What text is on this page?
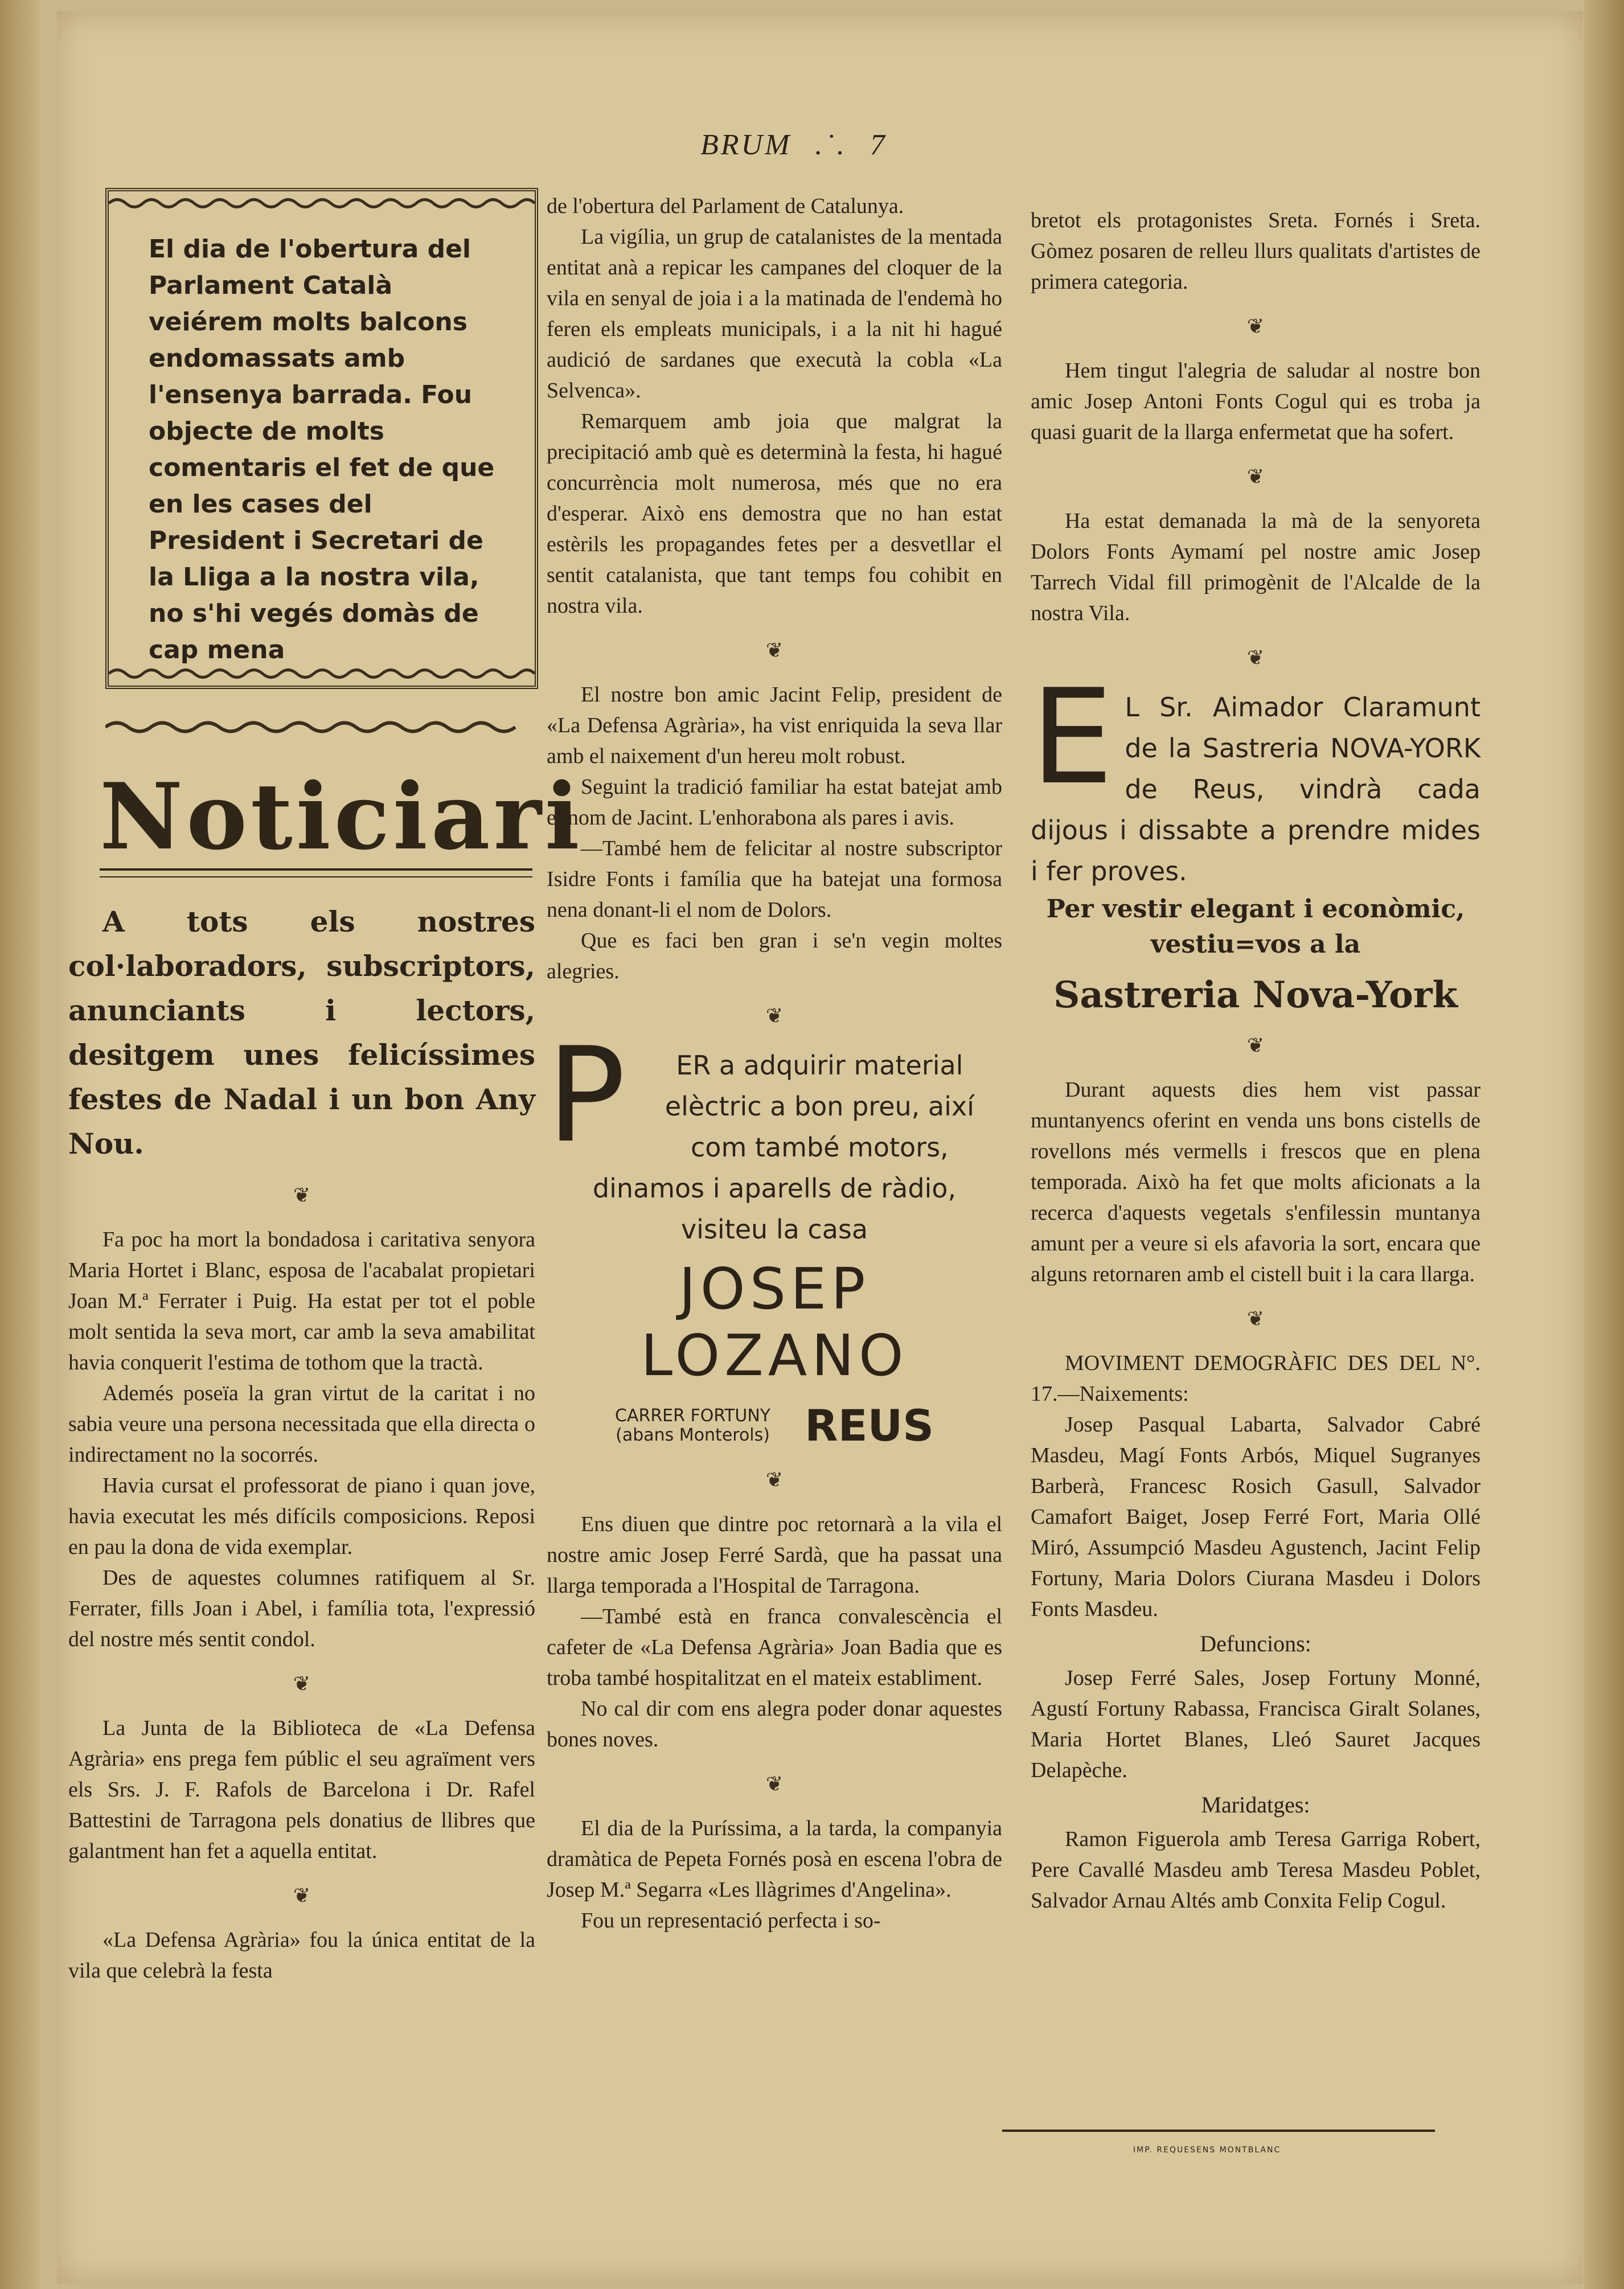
BRUM .˙. 7

El dia de l'obertura del Parlament Català veiérem molts balcons endomassats amb l'ensenya barrada. Fou objecte de molts comentaris el fet de que en les cases del President i Secretari de la Lliga a la nostra vila, no s'hi vegés domàs de cap mena

Noticiari

A tots els nostres col·laboradors, subscriptors, anunciants i lectors, desitgem unes felicíssimes festes de Nadal i un bon Any Nou.

❦

Fa poc ha mort la bondadosa i caritativa senyora Maria Hortet i Blanc, esposa de l'acabalat propietari Joan M.ª Ferrater i Puig. Ha estat per tot el poble molt sentida la seva mort, car amb la seva amabilitat havia conquerit l'estima de tothom que la tractà.

Ademés poseïa la gran virtut de la caritat i no sabia veure una persona necessitada que ella directa o indirectament no la socorrés.

Havia cursat el professorat de piano i quan jove, havia executat les més difícils composicions. Reposi en pau la dona de vida exemplar.

Des de aquestes columnes ratifiquem al Sr. Ferrater, fills Joan i Abel, i família tota, l'expressió del nostre més sentit condol.

❦

La Junta de la Biblioteca de «La Defensa Agrària» ens prega fem públic el seu agraïment vers els Srs. J. F. Rafols de Barcelona i Dr. Rafel Battestini de Tarragona pels donatius de llibres que galantment han fet a aquella entitat.

❦

«La Defensa Agrària» fou la única entitat de la vila que celebrà la festa

de l'obertura del Parlament de Catalunya.

La vigília, un grup de catalanistes de la mentada entitat anà a repicar les campanes del cloquer de la vila en senyal de joia i a la matinada de l'endemà ho feren els empleats municipals, i a la nit hi hagué audició de sardanes que executà la cobla «La Selvenca».

Remarquem amb joia que malgrat la precipitació amb què es determinà la festa, hi hagué concurrència molt numerosa, més que no era d'esperar. Això ens demostra que no han estat estèrils les propagandes fetes per a desvetllar el sentit catalanista, que tant temps fou cohibit en nostra vila.

❦

El nostre bon amic Jacint Felip, president de «La Defensa Agrària», ha vist enriquida la seva llar amb el naixement d'un hereu molt robust.

Seguint la tradició familiar ha estat batejat amb el nom de Jacint. L'enhorabona als pares i avis.

—També hem de felicitar al nostre subscriptor Isidre Fonts i família que ha batejat una formosa nena donant-li el nom de Dolors.

Que es faci ben gran i se'n vegin moltes alegries.

❦
P	ER a adquirir material elèctric a bon preu, així com també motors, dinamos i aparells de ràdio, visiteu la casa

JOSEP LOZANO
CARRER FORTUNY
(abans Monterols) REUS
❦

Ens diuen que dintre poc retornarà a la vila el nostre amic Josep Ferré Sardà, que ha passat una llarga temporada a l'Hospital de Tarragona.

—També està en franca convalescència el cafeter de «La Defensa Agrària» Joan Badia que es troba també hospitalitzat en el mateix establiment.

No cal dir com ens alegra poder donar aquestes bones noves.

❦

El dia de la Puríssima, a la tarda, la companyia dramàtica de Pepeta Fornés posà en escena l'obra de Josep M.ª Segarra «Les llàgrimes d'Angelina».

Fou un representació perfecta i so-

bretot els protagonistes Sreta. Fornés i Sreta. Gòmez posaren de relleu llurs qualitats d'artistes de primera categoria.

❦

Hem tingut l'alegria de saludar al nostre bon amic Josep Antoni Fonts Cogul qui es troba ja quasi guarit de la llarga enfermetat que ha sofert.

❦

Ha estat demanada la mà de la senyoreta Dolors Fonts Aymamí pel nostre amic Josep Tarrech Vidal fill primogènit de l'Alcalde de la nostra Vila.

❦
E L Sr. Aimador Claramunt de la Sastreria NOVA-YORK de Reus, vindrà cada dijous i dissabte a prendre mides i fer proves.

Per vestir elegant i econòmic, vestiu=vos a la
Sastreria Nova-York
❦

Durant aquests dies hem vist passar muntanyencs oferint en venda uns bons cistells de rovellons més vermells i frescos que en plena temporada. Això ha fet que molts aficionats a la recerca d'aquests vegetals s'enfilessin muntanya amunt per a veure si els afavoria la sort, encara que alguns retornaren amb el cistell buit i la cara llarga.

❦

MOVIMENT DEMOGRÀFIC DES DEL N°. 17.—Naixements:

Josep Pasqual Labarta, Salvador Cabré Masdeu, Magí Fonts Arbós, Miquel Sugranyes Barberà, Francesc Rosich Gasull, Salvador Camafort Baiget, Josep Ferré Fort, Maria Ollé Miró, Assumpció Masdeu Agustench, Jacint Felip Fortuny, Maria Dolors Ciurana Masdeu i Dolors Fonts Masdeu.

Defuncions:

Josep Ferré Sales, Josep Fortuny Monné, Agustí Fortuny Rabassa, Francisca Giralt Solanes, Maria Hortet Blanes, Lleó Sauret Jacques Delapèche.

Maridatges:

Ramon Figuerola amb Teresa Garriga Robert, Pere Cavallé Masdeu amb Teresa Masdeu Poblet, Salvador Arnau Altés amb Conxita Felip Cogul.

IMP. REQUESENS MONTBLANC
